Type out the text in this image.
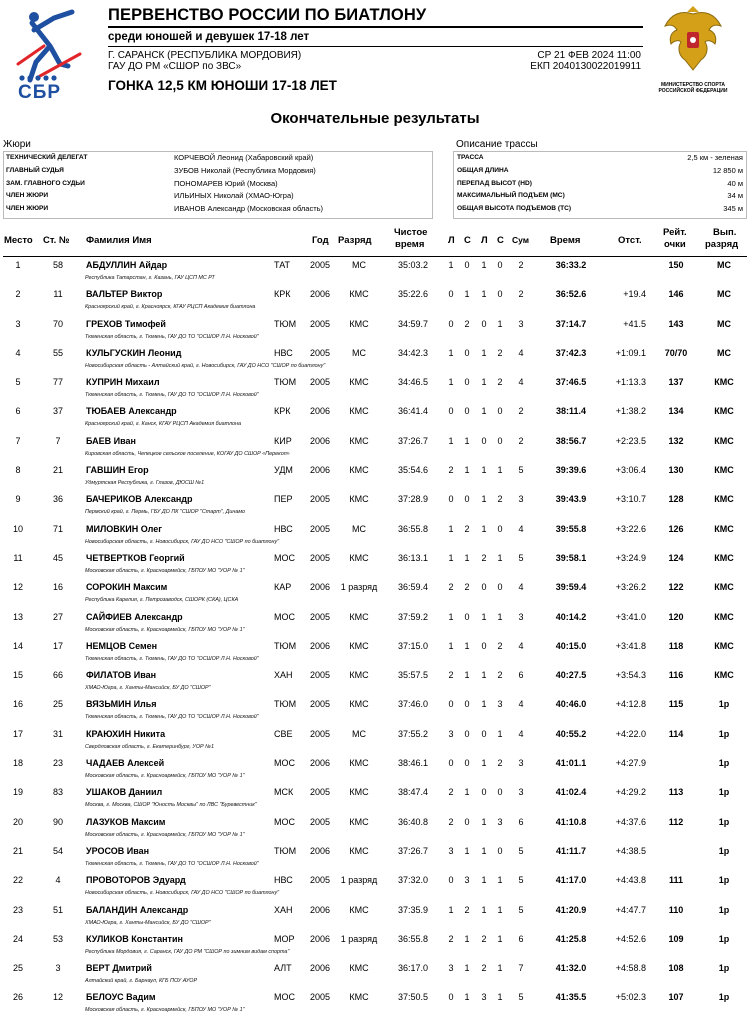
СБР	МИНИСТЕРСТВО СПОРТА РОССИЙСКОЙ ФЕДЕРАЦИИ
ПЕРВЕНСТВО РОССИИ ПО БИАТЛОНУ
среди юношей и девушек 17-18 лет
Г. САРАНСК (РЕСПУБЛИКА МОРДОВИЯ)
ГАУ ДО РМ «СШОР по ЗВС»
СР 21 ФЕВ 2024 11:00
ЕКП 2040130022019911
ГОНКА 12,5 КМ ЮНОШИ 17-18 ЛЕТ
Окончательные результаты
Жюри
ТЕХНИЧЕСКИЙ ДЕЛЕГАТ	КОРЧЕВОЙ Леонид (Хабаровский край)
ГЛАВНЫЙ СУДЬЯ	ЗУБОВ Николай (Республика Мордовия)
ЗАМ. ГЛАВНОГО СУДЬИ	ПОНОМАРЕВ Юрий (Москва)
ЧЛЕН ЖЮРИ	ИЛЬИНЫХ Николай (ХМАО-Югра)
ЧЛЕН ЖЮРИ	ИВАНОВ Александр (Московская область)
Описание трассы
ТРАССА	2,5 км - зеленая
ОБЩАЯ ДЛИНА	12 850 м
ПЕРЕПАД ВЫСОТ (HD)	40 м
МАКСИМАЛЬНЫЙ ПОДЪЕМ (МС)	34 м
ОБЩАЯ ВЫСОТА ПОДЪЕМОВ (ТС)	345 м
Место Ст. № Фамилия Имя	Год Разряд
Чистое
время Л С Л С Сум Время	Отст.
Рейт.
очки
Вып.
разряд
1	58	АБДУЛЛИН Айдар	ТАТ 2005	МС	35:03.2	1 0 1 0	2	36:33.2	150	МС
Республика Татарстан, г. Казань, ГАУ ЦСП МС РТ
2	11	ВАЛЬТЕР Виктор	КРК 2006	КМС	35:22.6	0 1 1 0	2	36:52.6	+19.4	146	МС
Красноярский край, г. Красноярск, КГАУ РЦСП Академия биатлона
3	70	ГРЕХОВ Тимофей	ТЮМ 2005	КМС	34:59.7	0 2 0 1	3	37:14.7	+41.5	143	МС
Тюменская область, г. Тюмень, ГАУ ДО ТО "ОСШОР Л.Н. Носковой"
4	55	КУЛЬГУСКИН Леонид	НВС 2005	МС	34:42.3	1 0 1 2	4	37:42.3	+1:09.1	70/70	МС
Новосибирская область - Алтайский край, г. Новосибирск, ГАУ ДО НСО "СШОР по биатлону"
5	77	КУПРИН Михаил	ТЮМ 2005	КМС	34:46.5	1 0 1 2	4	37:46.5	+1:13.3	137	КМС
Тюменская область, г. Тюмень, ГАУ ДО ТО "ОСШОР Л.Н. Носковой"
6	37	ТЮБАЕВ Александр	КРК 2006	КМС	36:41.4	0 0 1 0	2	38:11.4	+1:38.2	134	КМС
Красноярский край, г. Канск, КГАУ РЦСП Академия биатлона
7	7	БАЕВ Иван	КИР 2006	КМС	37:26.7	1 1 0 0	2	38:56.7	+2:23.5	132	КМС
Кировская область, Чепецкое сельское поселение, КОГАУ ДО СШОР «Перекоп»
8	21	ГАВШИН Егор	УДМ 2006	КМС	35:54.6	2 1 1 1	5	39:39.6	+3:06.4	130	КМС
Удмуртская Республика, г. Глазов, ДЮСШ №1
9	36	БАЧЕРИКОВ Александр	ПЕР 2005	КМС	37:28.9	0 0 1 2	3	39:43.9	+3:10.7	128	КМС
Пермский край, г. Пермь, ГБУ ДО ПК "СШОР "Старт", Динамо
10	71	МИЛОВКИН Олег	НВС 2005	МС	36:55.8	1 2 1 0	4	39:55.8	+3:22.6	126	КМС
Новосибирская область, г. Новосибирск, ГАУ ДО НСО "СШОР по биатлону"
11	45	ЧЕТВЕРТКОВ Георгий	МОС 2005	КМС	36:13.1	1 1 2 1	5	39:58.1	+3:24.9	124	КМС
Московская область, г. Красноармейск, ГБПОУ МО "УОР № 1"
12	16	СОРОКИН Максим	КАР 2006	1 разряд	36:59.4	2 2 0 0	4	39:59.4	+3:26.2	122	КМС
Республика Карелия, г. Петрозаводск, СШОРК (СКА), ЦСКА
13	27	САЙФИЕВ Александр	МОС 2005	КМС	37:59.2	1 0 1 1	3	40:14.2	+3:41.0	120	КМС
Московская область, г. Красноармейск, ГБПОУ МО "УОР № 1"
14	17	НЕМЦОВ Семен	ТЮМ 2006	КМС	37:15.0	1 1 0 2	4	40:15.0	+3:41.8	118	КМС
Тюменская область, г. Тюмень, ГАУ ДО ТО "ОСШОР Л.Н. Носковой"
15	66	ФИЛАТОВ Иван	ХАН 2005	КМС	35:57.5	2 1 1 2	6	40:27.5	+3:54.3	116	КМС
ХМАО-Югра, г. Ханты-Мансийск, БУ ДО "СШОР"
16	25	ВЯЗЬМИН Илья	ТЮМ 2005	КМС	37:46.0	0 0 1 3	4	40:46.0	+4:12.8	115	1р
Тюменская область, г. Тюмень, ГАУ ДО ТО "ОСШОР Л.Н. Носковой"
17	31	КРАЮХИН Никита	СВЕ 2005	МС	37:55.2	3 0 0 1	4	40:55.2	+4:22.0	114	1р
Свердловская область, г. Екатеринбург, УОР №1
18	23	ЧАДАЕВ Алексей	МОС 2006	КМС	38:46.1	0 0 1 2	3	41:01.1	+4:27.9	1р
Московская область, г. Красноармейск, ГБПОУ МО "УОР № 1"
19	83	УШАКОВ Даниил	МСК 2005	КМС	38:47.4	2 1 0 0	3	41:02.4	+4:29.2	113	1р
Москва, г. Москва, СШОР "Юность Москвы" по ЛВС "Буревестник"
20	90	ЛАЗУКОВ Максим	МОС 2005	КМС	36:40.8	2 0 1 3	6	41:10.8	+4:37.6	112	1р
Московская область, г. Красноармейск, ГБПОУ МО "УОР № 1"
21	54	УРОСОВ Иван	ТЮМ 2006	КМС	37:26.7	3 1 1 0	5	41:11.7	+4:38.5	1р
Тюменская область, г. Тюмень, ГАУ ДО ТО "ОСШОР Л.Н. Носковой"
22	4	ПРОВОТОРОВ Эдуард	НВС 2005	1 разряд	37:32.0	0 3 1 1	5	41:17.0	+4:43.8	111	1р
Новосибирская область, г. Новосибирск, ГАУ ДО НСО "СШОР по биатлону"
23	51	БАЛАНДИН Александр	ХАН 2006	КМС	37:35.9	1 2 1 1	5	41:20.9	+4:47.7	110	1р
ХМАО-Югра, г. Ханты-Мансийск, БУ ДО "СШОР"
24	53	КУЛИКОВ Константин	МОР 2006	1 разряд	36:55.8	2 1 2 1	6	41:25.8	+4:52.6	109	1р
Республика Мордовия, г. Саранск, ГАУ ДО РМ "СШОР по зимним видам спорта"
25	3	ВЕРТ Дмитрий	АЛТ 2006	КМС	36:17.0	3 1 2 1	7	41:32.0	+4:58.8	108	1р
Алтайский край, г. Барнаул, КГБ ПОУ АУОР
26	12	БЕЛОУС Вадим	МОС 2005	КМС	37:50.5	0 1 3 1	5	41:35.5	+5:02.3	107	1р
Московская область, г. Красноармейск, ГБПОУ МО "УОР № 1"
